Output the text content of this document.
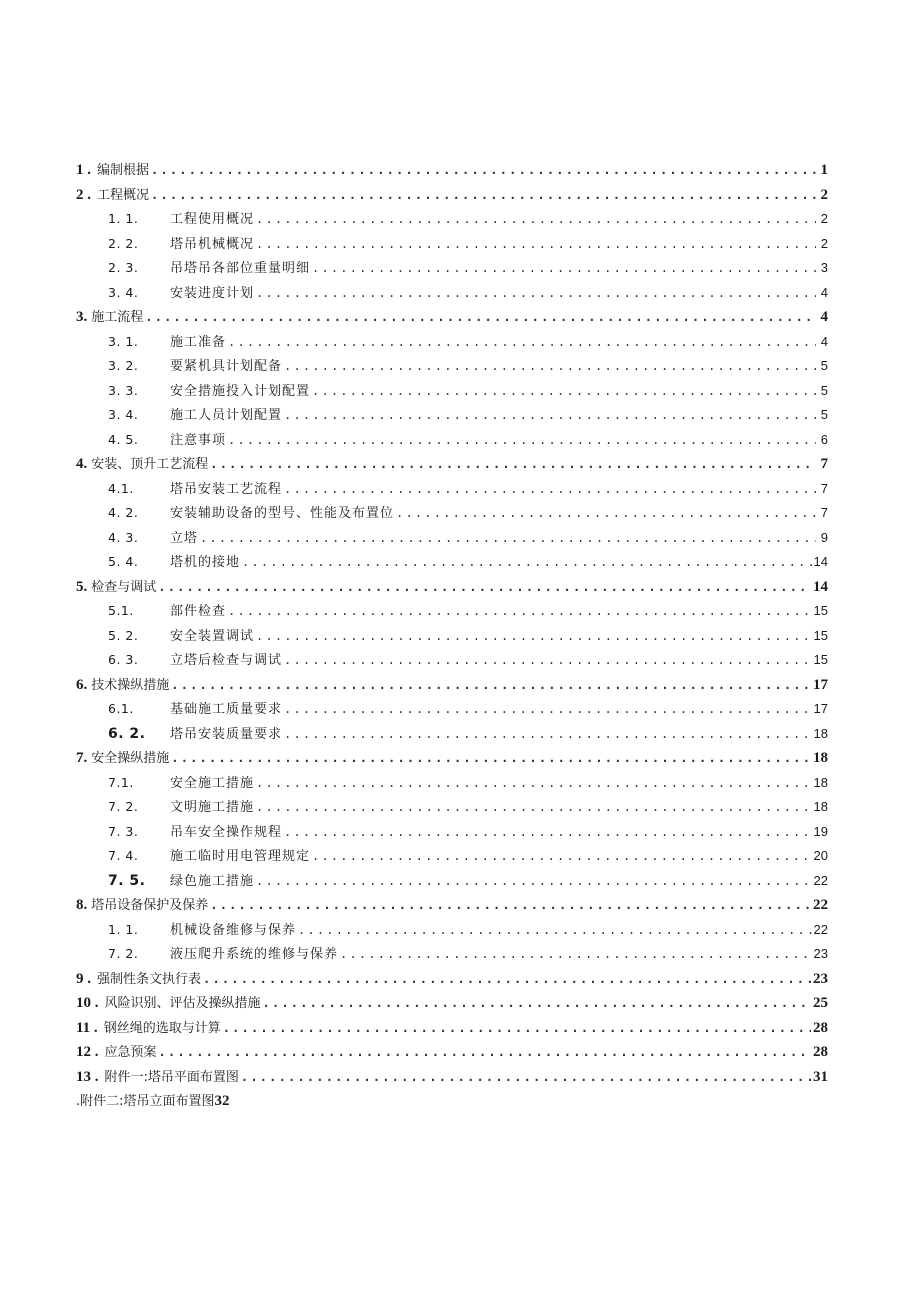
1 . 编制根据 .....	1
2 . 工程概况 .....	2
1. 1.	工程使用概况 .....	2
2. 2.	塔吊机械概况 .....	2
2. 3.	吊塔吊各部位重量明细 .....	3
3. 4.	安装进度计划 .....	4
3. 施工流程 .....	4
3. 1.	施工准备 .....	4
3. 2.	要紧机具计划配备 .....	5
3. 3.	安全措施投入计划配置 .....	5
3. 4.	施工人员计划配置 .....	5
4. 5.	注意事项 .....	6
4. 安装、顶升工艺流程 .....	7
4.1.	塔吊安装工艺流程 .....	7
4. 2.	安装辅助设备的型号、性能及布置位 .....	7
4. 3.	立塔 .....	9
5. 4.	塔机的接地 .....	14
5. 检查与调试 .....	14
5.1.	部件检查 .....	15
5. 2.	安全装置调试 .....	15
6. 3.	立塔后检查与调试 .....	15
6. 技术操纵措施 .....	17
6.1.	基础施工质量要求 .....	17
6. 2.	塔吊安装质量要求 .....	18
7. 安全操纵措施 .....	18
7.1.	安全施工措施 .....	18
7. 2.	文明施工措施 .....	18
7. 3.	吊车安全操作规程 .....	19
7. 4.	施工临时用电管理规定 .....	20
7. 5.	绿色施工措施 .....	22
8. 塔吊设备保护及保养 .....	22
1. 1.	机械设备维修与保养 .....	22
7. 2.	液压爬升系统的维修与保养 .....	23
9 . 强制性条文执行表 .....	23
10 . 风险识别、评估及操纵措施 .....	25
11 . 钢丝绳的选取与计算 .....	28
12 . 应急预案 .....	28
13 . 附件一:塔吊平面布置图 .....	31
.附件二:塔吊立面布置图 32
